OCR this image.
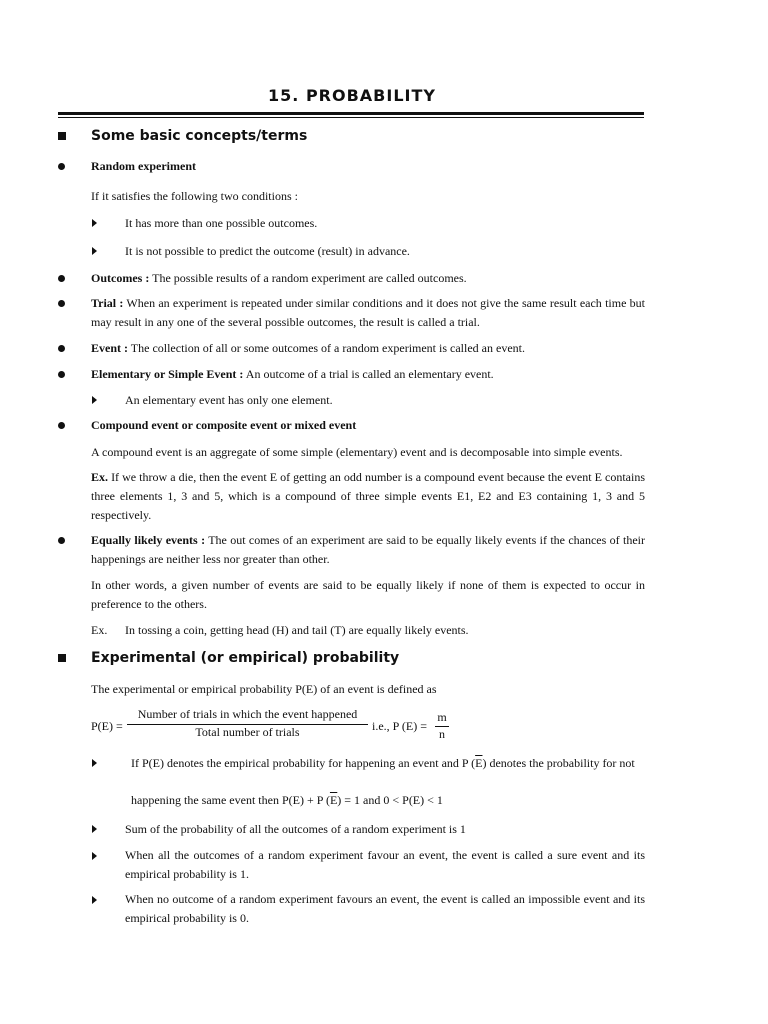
15. PROBABILITY
Some basic concepts/terms
Random experiment
If it satisfies the following two conditions :
It has more than one possible outcomes.
It is not possible to predict the outcome (result) in advance.
Outcomes : The possible results of a random experiment are called outcomes.
Trial : When an experiment is repeated under similar conditions and it does not give the same result each time but may result in any one of the several possible outcomes, the result is called a trial.
Event : The collection of all or some outcomes of a random experiment is called an event.
Elementary or Simple Event : An outcome of a trial is called an elementary event.
An elementary event has only one element.
Compound event or composite event or mixed event
A compound event is an aggregate of some simple (elementary) event and is decomposable into simple events.
Ex. If we throw a die, then the event E of getting an odd number is a compound event because the event E contains three elements 1, 3 and 5, which is a compound of three simple events E1, E2 and E3 containing 1, 3 and 5 respectively.
Equally likely events : The out comes of an experiment are said to be equally likely events if the chances of their happenings are neither less nor greater than other.
In other words, a given number of events are said to be equally likely if none of them is expected to occur in preference to the others.
Ex. In tossing a coin, getting head (H) and tail (T) are equally likely events.
Experimental (or empirical) probability
The experimental or empirical probability P(E) of an event is defined as
P(E) =
Number of trials in which the event happened
Total number of trials	i.e., P (E) =
m
n
If P(E) denotes the empirical probability for happening an event and P $(\overline{E})$ denotes the probability for not
happening the same event then P(E) + P $(\overline{E}) = 1$ and 0 < P(E) < 1
Sum of the probability of all the outcomes of a random experiment is 1
When all the outcomes of a random experiment favour an event, the event is called a sure event and its empirical probability is 1.
When no outcome of a random experiment favours an event, the event is called an impossible event and its empirical probability is 0.
